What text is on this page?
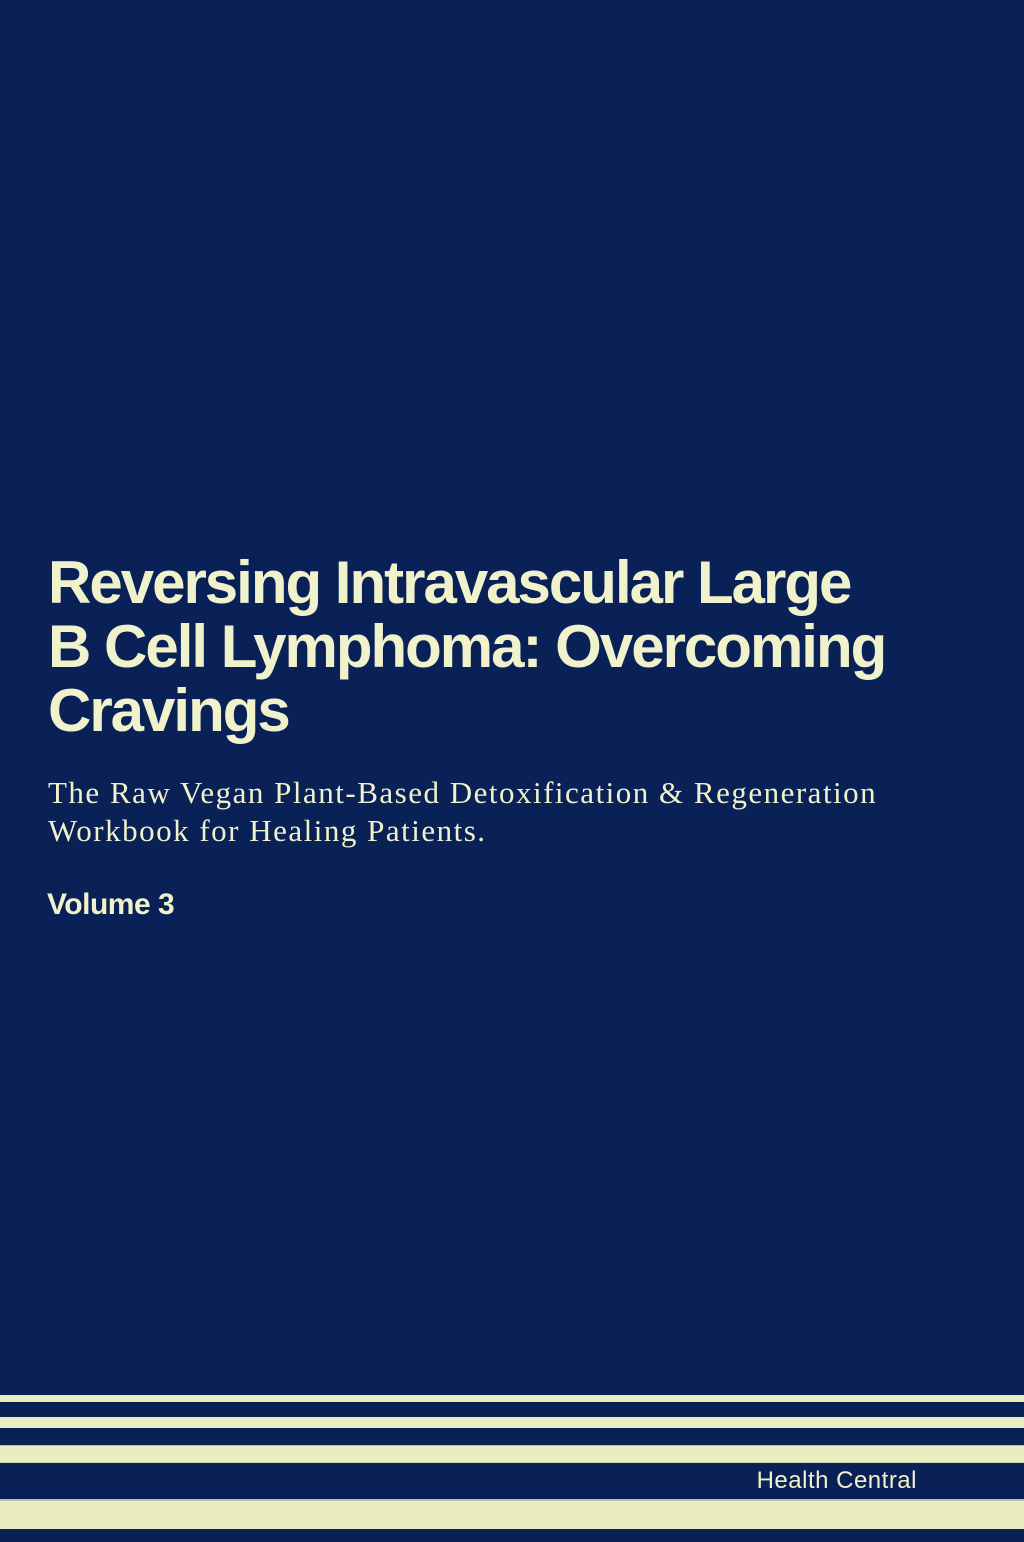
Reversing Intravascular Large
B Cell Lymphoma: Overcoming
Cravings

The Raw Vegan Plant-Based Detoxification & Regeneration
Workbook for Healing Patients.

Volume 3

Health Central
